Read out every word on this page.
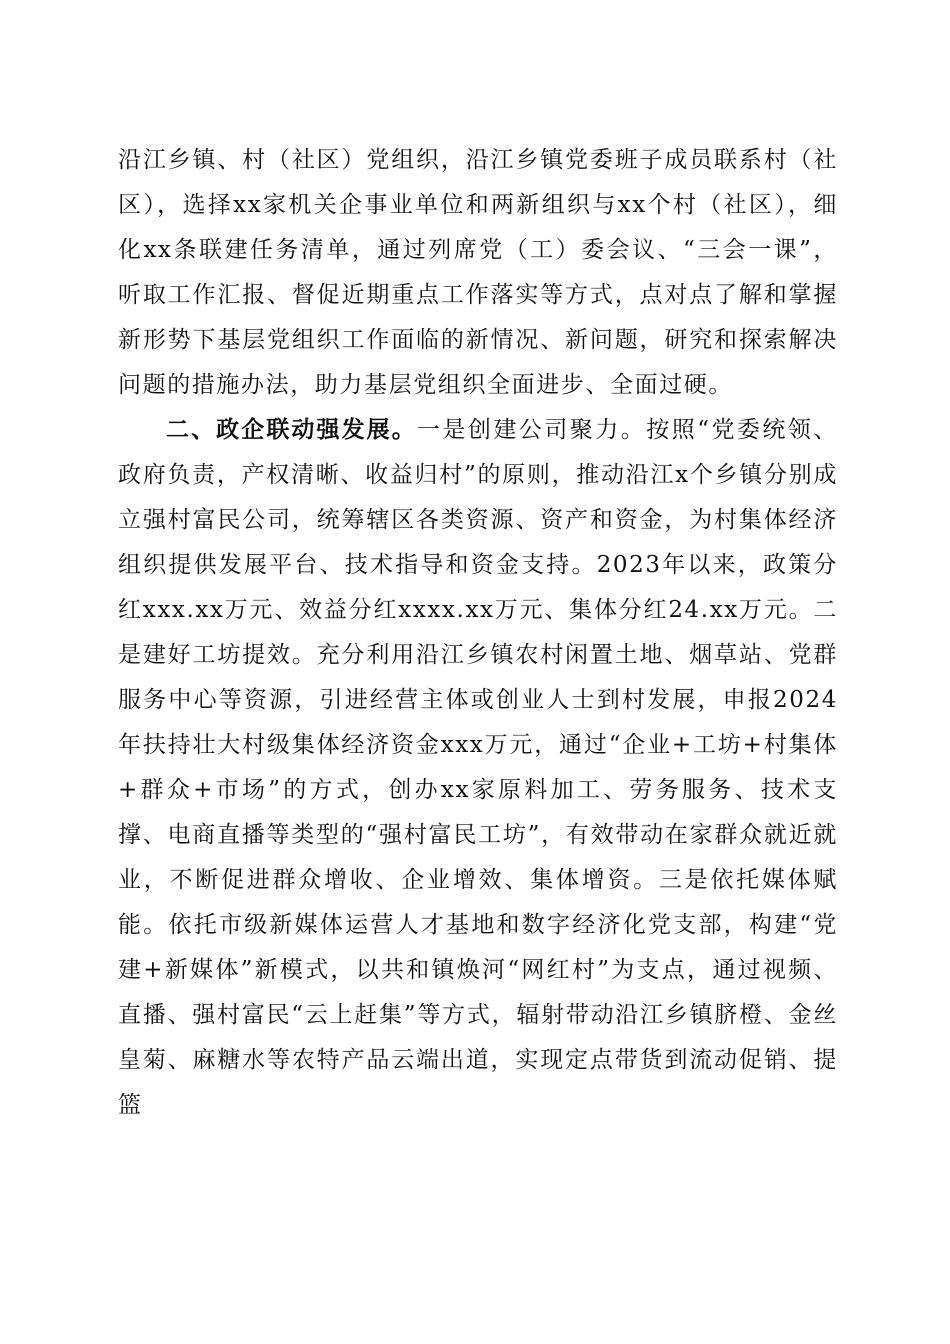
沿江乡镇、村（社区）党组织，沿江乡镇党委班子成员联系村（社区），选择xx家机关企事业单位和两新组织与xx个村（社区），细化xx条联建任务清单，通过列席党（工）委会议、“三会一课”，听取工作汇报、督促近期重点工作落实等方式，点对点了解和掌握新形势下基层党组织工作面临的新情况、新问题，研究和探索解决问题的措施办法，助力基层党组织全面进步、全面过硬。

二、政企联动强发展。一是创建公司聚力。按照“党委统领、政府负责，产权清晰、收益归村”的原则，推动沿江x个乡镇分别成立强村富民公司，统筹辖区各类资源、资产和资金，为村集体经济组织提供发展平台、技术指导和资金支持。2023年以来，政策分红xxx.xx万元、效益分红xxxx.xx万元、集体分红24.xx万元。二是建好工坊提效。充分利用沿江乡镇农村闲置土地、烟草站、党群服务中心等资源，引进经营主体或创业人士到村发展，申报2024年扶持壮大村级集体经济资金xxx万元，通过“企业+工坊+村集体+群众+市场”的方式，创办xx家原料加工、劳务服务、技术支撑、电商直播等类型的“强村富民工坊”，有效带动在家群众就近就业，不断促进群众增收、企业增效、集体增资。三是依托媒体赋能。依托市级新媒体运营人才基地和数字经济化党支部，构建“党建+新媒体”新模式，以共和镇焕河“网红村”为支点，通过视频、直播、强村富民“云上赶集”等方式，辐射带动沿江乡镇脐橙、金丝皇菊、麻糖水等农特产品云端出道，实现定点带货到流动促销、提篮
